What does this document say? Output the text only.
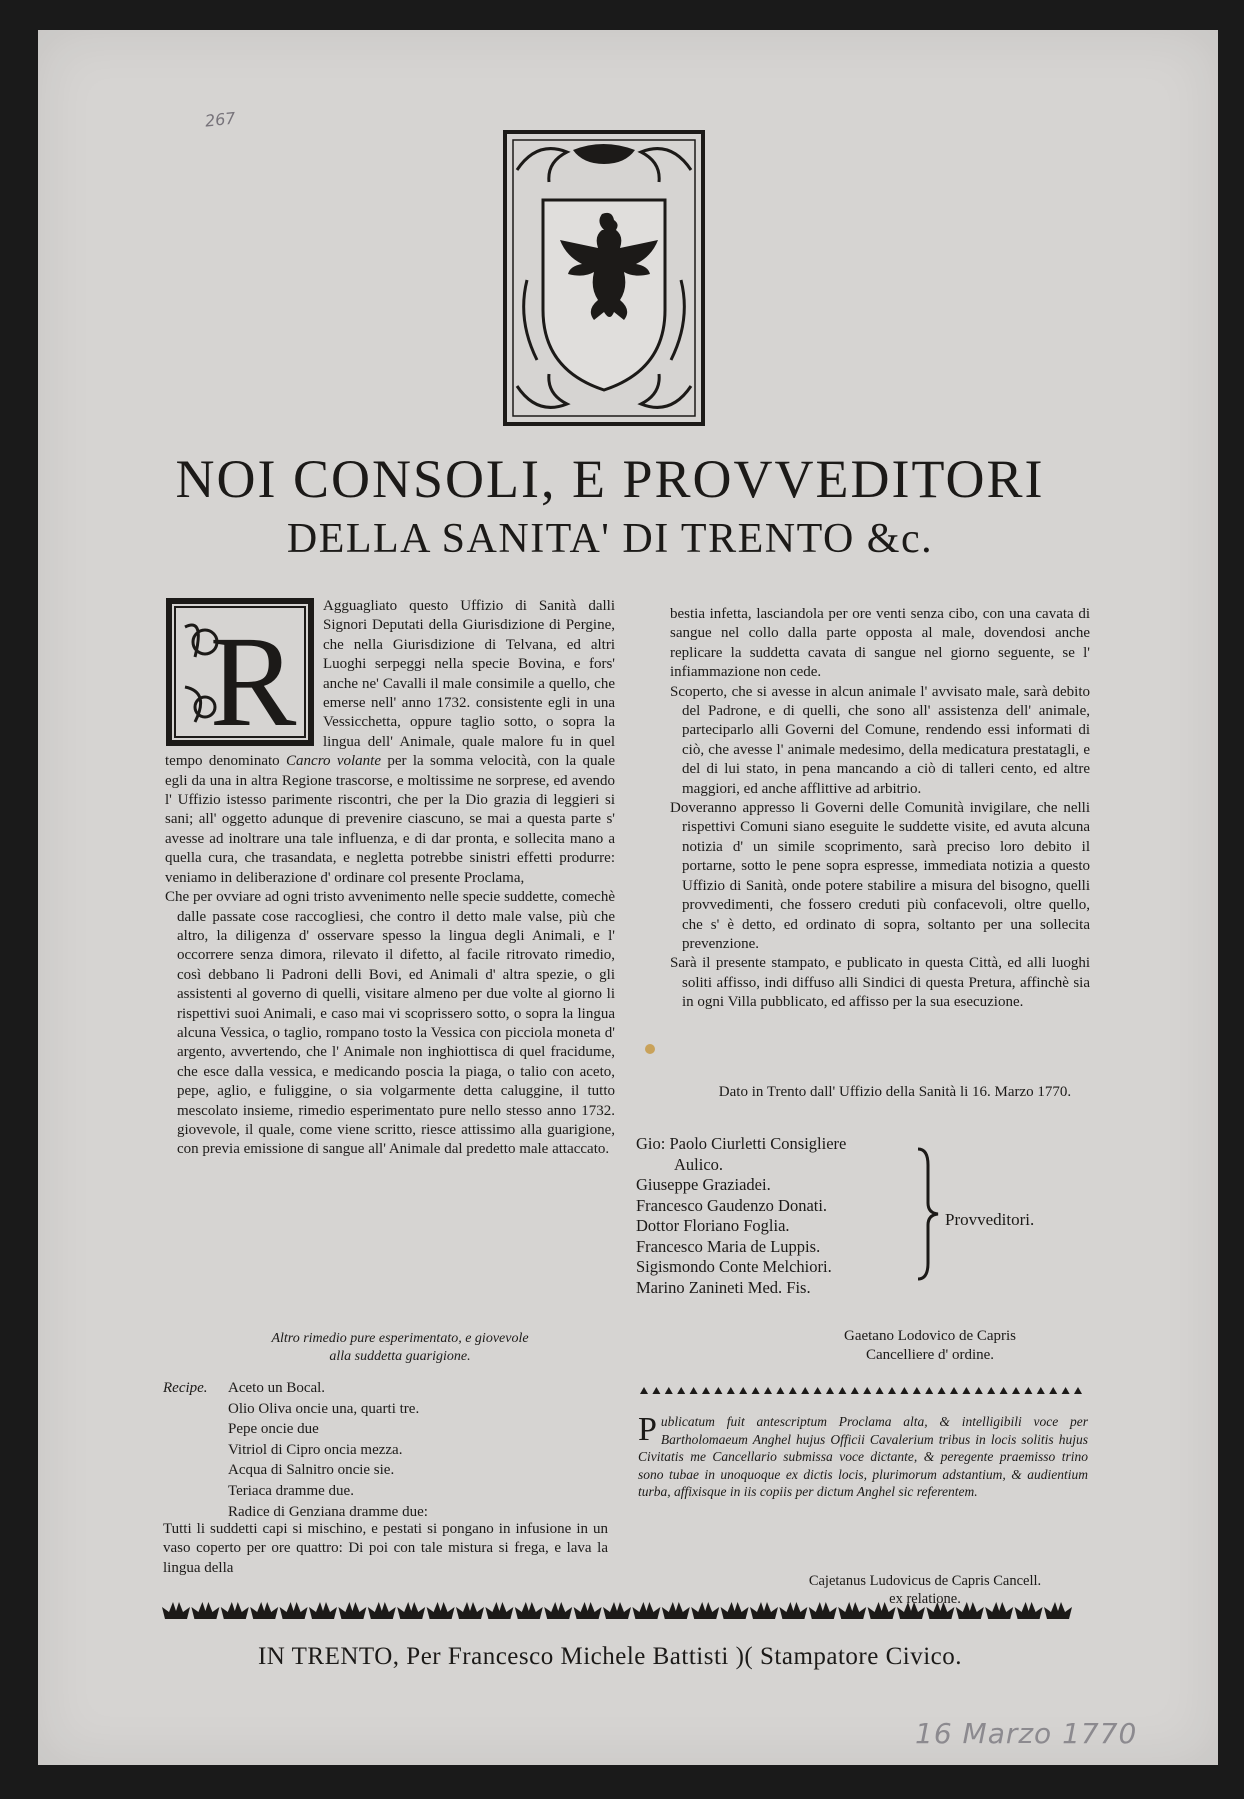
267
NOI CONSOLI, E PROVVEDITORI
DELLA SANITA' DI TRENTO &c.
R

Agguagliato questo Uffizio di Sanità dalli Signori Deputati della Giurisdizione di Pergine, che nella Giurisdizione di Telvana, ed altri Luoghi serpeggi nella specie Bovina, e fors' anche ne' Cavalli il male consimile a quello, che emerse nell' anno 1732. consistente egli in una Vessicchetta, oppure taglio sotto, o sopra la lingua dell' Animale, quale malore fu in quel tempo denominato Cancro volante per la somma velocità, con la quale egli da una in altra Regione trascorse, e moltissime ne sorprese, ed avendo l' Uffizio istesso parimente riscontri, che per la Dio grazia di leggieri si sani; all' oggetto adunque di prevenire ciascuno, se mai a questa parte s' avesse ad inoltrare una tale influenza, e di dar pronta, e sollecita mano a quella cura, che trasandata, e negletta potrebbe sinistri effetti produrre: veniamo in deliberazione d' ordinare col presente Proclama,

Che per ovviare ad ogni tristo avvenimento nelle specie suddette, comechè dalle passate cose raccogliesi, che contro il detto male valse, più che altro, la diligenza d' osservare spesso la lingua degli Animali, e l' occorrere senza dimora, rilevato il difetto, al facile ritrovato rimedio, così debbano li Padroni delli Bovi, ed Animali d' altra spezie, o gli assistenti al governo di quelli, visitare almeno per due volte al giorno li rispettivi suoi Animali, e caso mai vi scoprissero sotto, o sopra la lingua alcuna Vessica, o taglio, rompano tosto la Vessica con picciola moneta d' argento, avvertendo, che l' Animale non inghiottisca di quel fracidume, che esce dalla vessica, e medicando poscia la piaga, o talio con aceto, pepe, aglio, e fuliggine, o sia volgarmente detta caluggine, il tutto mescolato insieme, rimedio esperimentato pure nello stesso anno 1732. giovevole, il quale, come viene scritto, riesce attissimo alla guarigione, con previa emissione di sangue all' Animale dal predetto male attaccato.

bestia infetta, lasciandola per ore venti senza cibo, con una cavata di sangue nel collo dalla parte opposta al male, dovendosi anche replicare la suddetta cavata di sangue nel giorno seguente, se l' infiammazione non cede.

Scoperto, che si avesse in alcun animale l' avvisato male, sarà debito del Padrone, e di quelli, che sono all' assistenza dell' animale, parteciparlo alli Governi del Comune, rendendo essi informati di ciò, che avesse l' animale medesimo, della medicatura prestatagli, e del di lui stato, in pena mancando a ciò di talleri cento, ed altre maggiori, ed anche afflittive ad arbitrio.

Doveranno appresso li Governi delle Comunità invigilare, che nelli rispettivi Comuni siano eseguite le suddette visite, ed avuta alcuna notizia d' un simile scoprimento, sarà preciso loro debito il portarne, sotto le pene sopra espresse, immediata notizia a questo Uffizio di Sanità, onde potere stabilire a misura del bisogno, quelli provvedimenti, che fossero creduti più confacevoli, oltre quello, che s' è detto, ed ordinato di sopra, soltanto per una sollecita prevenzione.

Sarà il presente stampato, e publicato in questa Città, ed alli luoghi soliti affisso, indi diffuso alli Sindici di questa Pretura, affinchè sia in ogni Villa pubblicato, ed affisso per la sua esecuzione.

Dato in Trento dall' Uffizio della Sanità li 16. Marzo 1770.
Gio: Paolo Ciurletti Consigliere
Aulico.
Giuseppe Graziadei.
Francesco Gaudenzo Donati.
Dottor Floriano Foglia.
Francesco Maria de Luppis.
Sigismondo Conte Melchiori.
Marino Zanineti Med. Fis.
Provveditori.
Gaetano Lodovico de Capris
Cancelliere d' ordine.
Altro rimedio pure esperimentato, e giovevole
alla suddetta guarigione.
Recipe. Aceto un Bocal.
Olio Oliva oncie una, quarti tre.
Pepe oncie due
Vitriol di Cipro oncia mezza.
Acqua di Salnitro oncie sie.
Teriaca dramme due.
Radice di Genziana dramme due:
Tutti li suddetti capi si mischino, e pestati si pongano in infusione in un vaso coperto per ore quattro: Di poi con tale mistura si frega, e lava la lingua della
Publicatum fuit antescriptum Proclama alta, & intelligibili voce per Bartholomaeum Anghel hujus Officii Cavalerium tribus in locis solitis hujus Civitatis me Cancellario submissa voce dictante, & peregente praemisso trino sono tubae in unoquoque ex dictis locis, plurimorum adstantium, & audientium turba, affixisque in iis copiis per dictum Anghel sic referentem.
Cajetanus Ludovicus de Capris Cancell.
ex relatione.
IN TRENTO, Per Francesco Michele Battisti )( Stampatore Civico.
16 Marzo 1770
